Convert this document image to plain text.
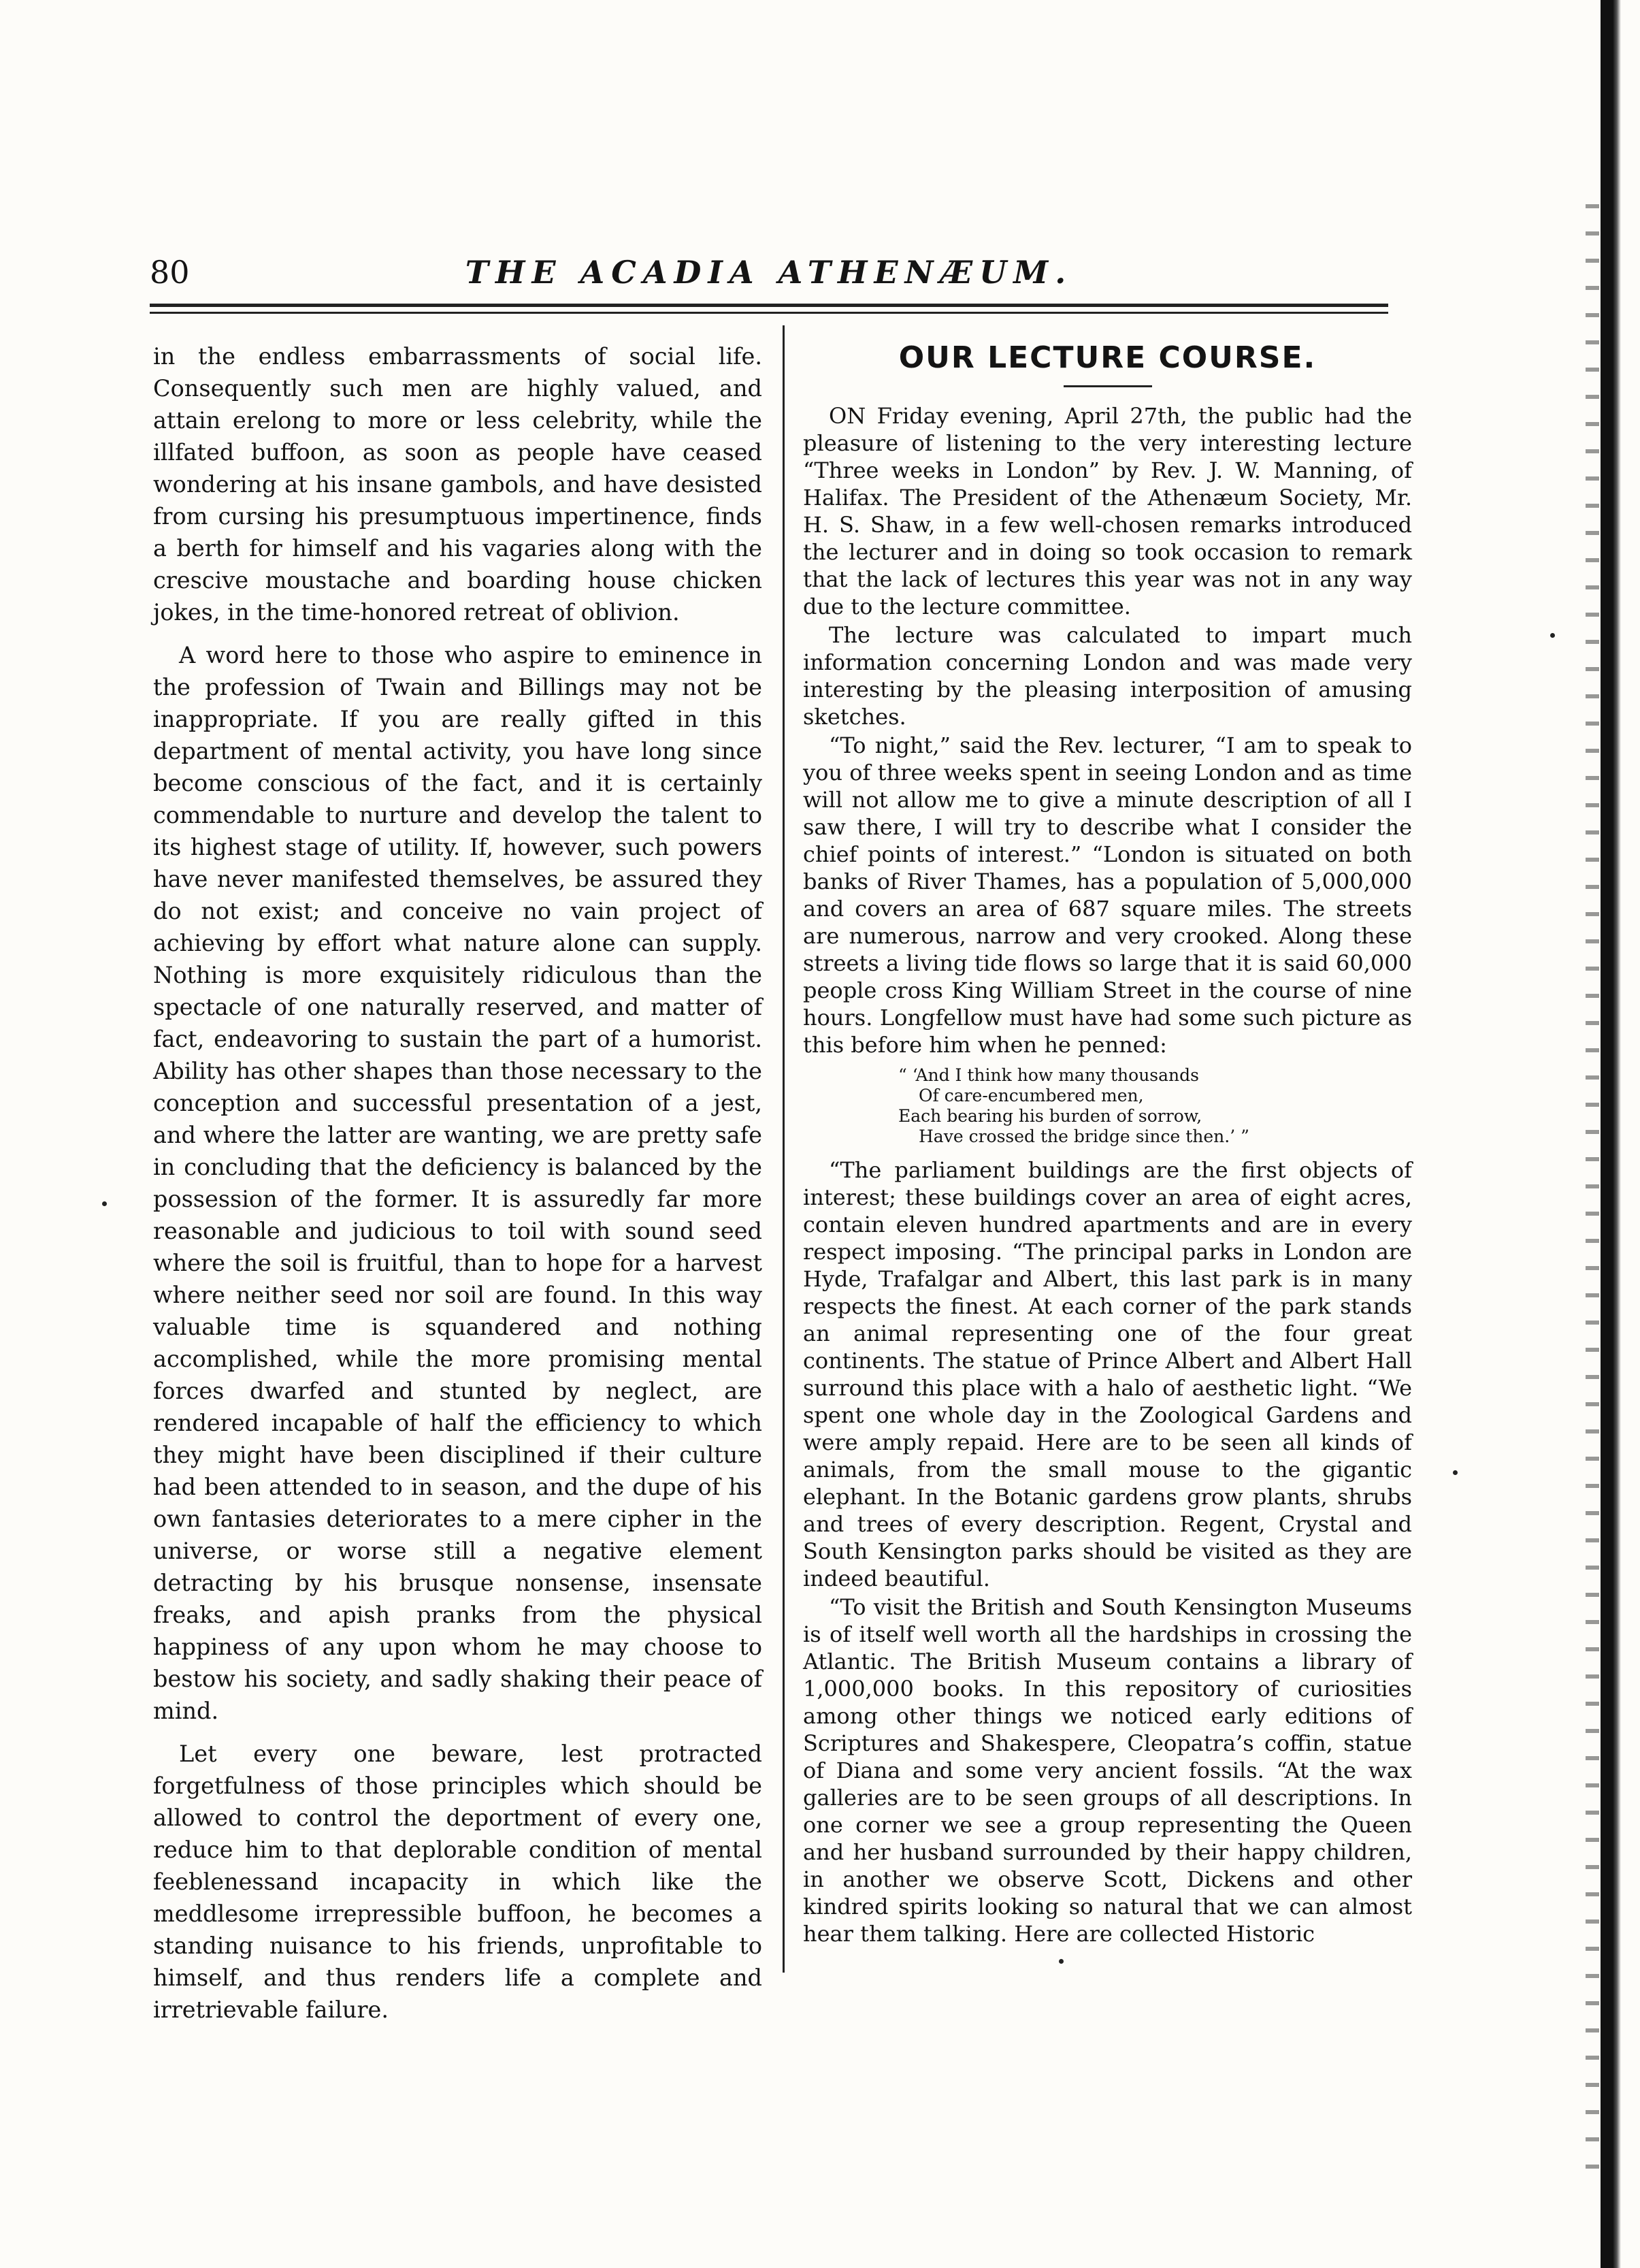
80	THE ACADIA ATHENÆUM.

in the endless embarrassments of social life. Consequently such men are highly valued, and attain erelong to more or less celebrity, while the illfated buffoon, as soon as people have ceased wondering at his insane gambols, and have desisted from cursing his presumptuous impertinence, finds a berth for himself and his vagaries along with the crescive moustache and boarding house chicken jokes, in the time-honored retreat of oblivion.

A word here to those who aspire to eminence in the profession of Twain and Billings may not be inappropriate. If you are really gifted in this department of mental activity, you have long since become conscious of the fact, and it is certainly commendable to nurture and develop the talent to its highest stage of utility. If, however, such powers have never manifested themselves, be assured they do not exist; and conceive no vain project of achieving by effort what nature alone can supply. Nothing is more exquisitely ridiculous than the spectacle of one naturally reserved, and matter of fact, endeavoring to sustain the part of a humorist. Ability has other shapes than those necessary to the conception and successful presentation of a jest, and where the latter are wanting, we are pretty safe in concluding that the deficiency is balanced by the possession of the former. It is assuredly far more reasonable and judicious to toil with sound seed where the soil is fruitful, than to hope for a harvest where neither seed nor soil are found. In this way valuable time is squandered and nothing accomplished, while the more promising mental forces dwarfed and stunted by neglect, are rendered incapable of half the efficiency to which they might have been disciplined if their culture had been attended to in season, and the dupe of his own fantasies deteriorates to a mere cipher in the universe, or worse still a negative element detracting by his brusque nonsense, insensate freaks, and apish pranks from the physical happiness of any upon whom he may choose to bestow his society, and sadly shaking their peace of mind.

Let every one beware, lest protracted forgetfulness of those principles which should be allowed to control the deportment of every one, reduce him to that deplorable condition of mental feeblenessand incapacity in which like the meddlesome irrepressible buffoon, he becomes a standing nuisance to his friends, unprofitable to himself, and thus renders life a complete and irretrievable failure.

OUR LECTURE COURSE.

ON Friday evening, April 27th, the public had the pleasure of listening to the very interesting lecture “Three weeks in London” by Rev. J. W. Manning, of Halifax. The President of the Athenæum Society, Mr. H. S. Shaw, in a few well-chosen remarks introduced the lecturer and in doing so took occasion to remark that the lack of lectures this year was not in any way due to the lecture committee.

The lecture was calculated to impart much information concerning London and was made very interesting by the pleasing interposition of amusing sketches.

“To night,” said the Rev. lecturer, “I am to speak to you of three weeks spent in seeing London and as time will not allow me to give a minute description of all I saw there, I will try to describe what I consider the chief points of interest.” “London is situated on both banks of River Thames, has a population of 5,000,000 and covers an area of 687 square miles. The streets are numerous, narrow and very crooked. Along these streets a living tide flows so large that it is said 60,000 people cross King William Street in the course of nine hours. Longfellow must have had some such picture as this before him when he penned:

“ ‘And I think how many thousands
Of care-encumbered men,
Each bearing his burden of sorrow,
Have crossed the bridge since then.’ ”

“The parliament buildings are the first objects of interest; these buildings cover an area of eight acres, contain eleven hundred apartments and are in every respect imposing. “The principal parks in London are Hyde, Trafalgar and Albert, this last park is in many respects the finest. At each corner of the park stands an animal representing one of the four great continents. The statue of Prince Albert and Albert Hall surround this place with a halo of aesthetic light. “We spent one whole day in the Zoological Gardens and were amply repaid. Here are to be seen all kinds of animals, from the small mouse to the gigantic elephant. In the Botanic gardens grow plants, shrubs and trees of every description. Regent, Crystal and South Kensington parks should be visited as they are indeed beautiful.

“To visit the British and South Kensington Museums is of itself well worth all the hardships in crossing the Atlantic. The British Museum contains a library of 1,000,000 books. In this repository of curiosities among other things we noticed early editions of Scriptures and Shakespere, Cleopatra’s coffin, statue of Diana and some very ancient fossils. “At the wax galleries are to be seen groups of all descriptions. In one corner we see a group representing the Queen and her husband surrounded by their happy children, in another we observe Scott, Dickens and other kindred spirits looking so natural that we can almost hear them talking. Here are collected Historic
